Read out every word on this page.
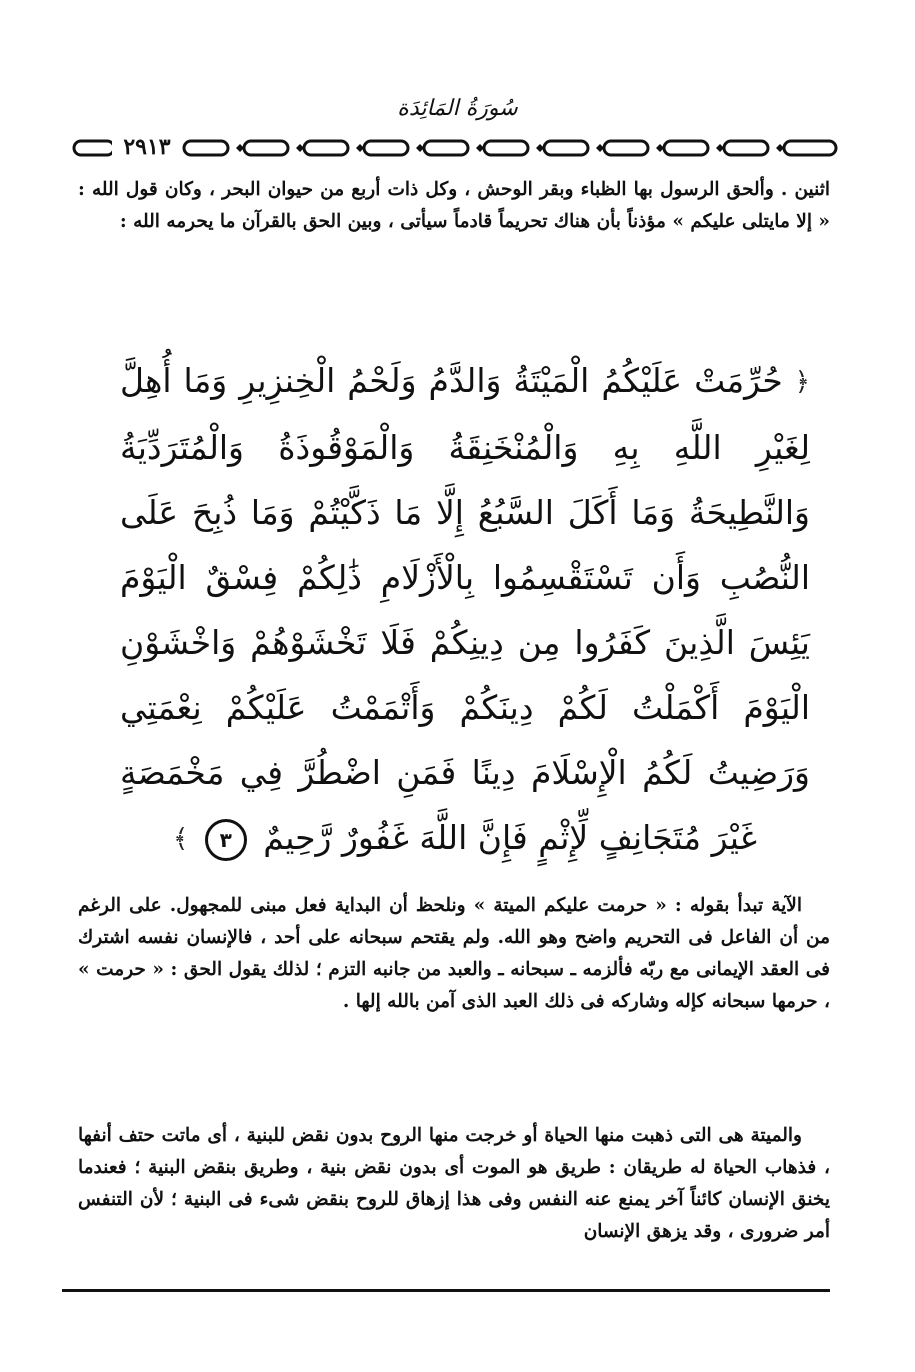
سُورَةُ المَائِدَة
٢٩١٣

اثنين . وألحق الرسول بها الظباء وبقر الوحش ، وكل ذات أربع من حيوان البحر ، وكان قول الله : « إلا مايتلى عليكم » مؤذناً بأن هناك تحريماً قادماً سيأتى ، وبين الحق بالقرآن ما يحرمه الله :

﴿ حُرِّمَتْ عَلَيْكُمُ الْمَيْتَةُ وَالدَّمُ وَلَحْمُ الْخِنزِيرِ وَمَا أُهِلَّ لِغَيْرِ اللَّهِ بِهِ وَالْمُنْخَنِقَةُ وَالْمَوْقُوذَةُ وَالْمُتَرَدِّيَةُ وَالنَّطِيحَةُ وَمَا أَكَلَ السَّبُعُ إِلَّا مَا ذَكَّيْتُمْ وَمَا ذُبِحَ عَلَى النُّصُبِ وَأَن تَسْتَقْسِمُوا بِالْأَزْلَامِ ذَٰلِكُمْ فِسْقٌ الْيَوْمَ يَئِسَ الَّذِينَ كَفَرُوا مِن دِينِكُمْ فَلَا تَخْشَوْهُمْ وَاخْشَوْنِ الْيَوْمَ أَكْمَلْتُ لَكُمْ دِينَكُمْ وَأَتْمَمْتُ عَلَيْكُمْ نِعْمَتِي وَرَضِيتُ لَكُمُ الْإِسْلَامَ دِينًا فَمَنِ اضْطُرَّ فِي مَخْمَصَةٍ غَيْرَ مُتَجَانِفٍ لِّإِثْمٍ فَإِنَّ اللَّهَ غَفُورٌ رَّحِيمٌ ٣ ﴾

الآية تبدأ بقوله : « حرمت عليكم الميتة » ونلحظ أن البداية فعل مبنى للمجهول. على الرغم من أن الفاعل فى التحريم واضح وهو الله. ولم يقتحم سبحانه على أحد ، فالإنسان نفسه اشترك فى العقد الإيمانى مع ربّه فألزمه ـ سبحانه ـ والعبد من جانبه التزم ؛ لذلك يقول الحق : « حرمت » ، حرمها سبحانه كإله وشاركه فى ذلك العبد الذى آمن بالله إلها .

والميتة هى التى ذهبت منها الحياة أو خرجت منها الروح بدون نقض للبنية ، أى ماتت حتف أنفها ، فذهاب الحياة له طريقان : طريق هو الموت أى بدون نقض بنية ، وطريق بنقض البنية ؛ فعندما يخنق الإنسان كائناً آخر يمنع عنه النفس وفى هذا إزهاق للروح بنقض شىء فى البنية ؛ لأن التنفس أمر ضرورى ، وقد يزهق الإنسان
